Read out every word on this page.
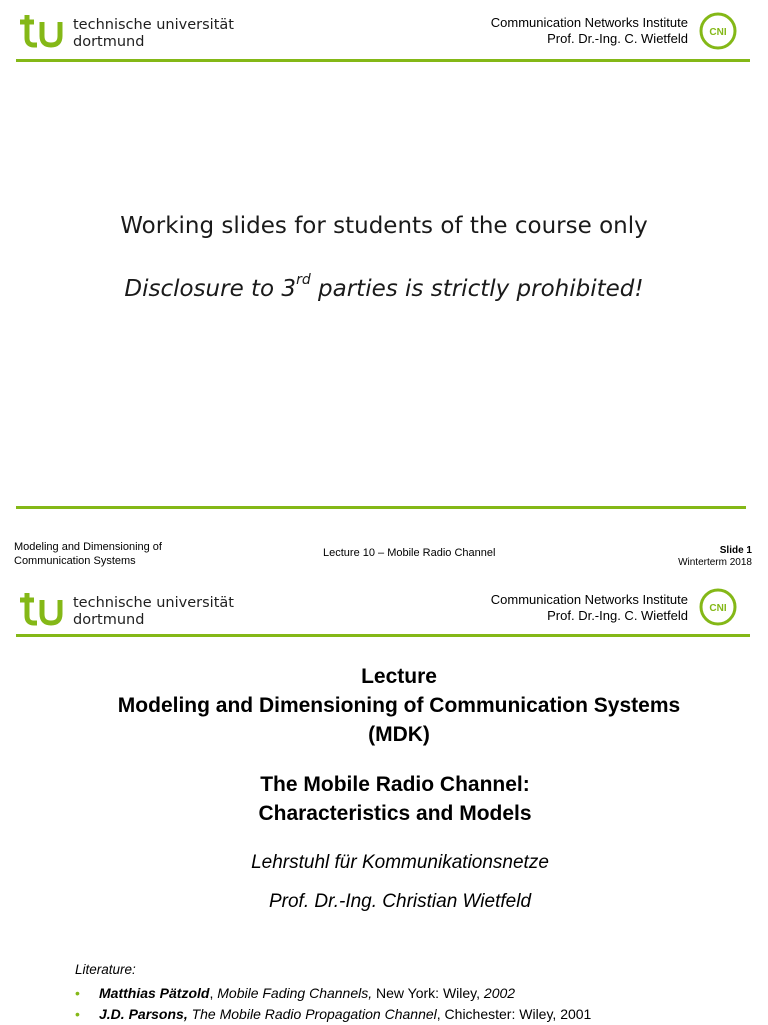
technische universität
dortmund
Communication Networks Institute
Prof. Dr.-Ing. C. Wietfeld CNI
Working slides for students of the course only
Disclosure to 3rd parties is strictly prohibited!
Modeling and Dimensioning of
Communication Systems
Lecture 10 – Mobile Radio Channel	Slide 1
Winterterm 2018
technische universität
dortmund
Communication Networks Institute
Prof. Dr.-Ing. C. Wietfeld CNI
Lecture
Modeling and Dimensioning of Communication Systems
(MDK)
The Mobile Radio Channel:
Characteristics and Models
Lehrstuhl für Kommunikationsnetze
Prof. Dr.-Ing. Christian Wietfeld
Literature:
• Matthias Pätzold, Mobile Fading Channels, New York: Wiley, 2002
• J.D. Parsons, The Mobile Radio Propagation Channel, Chichester: Wiley, 2001
